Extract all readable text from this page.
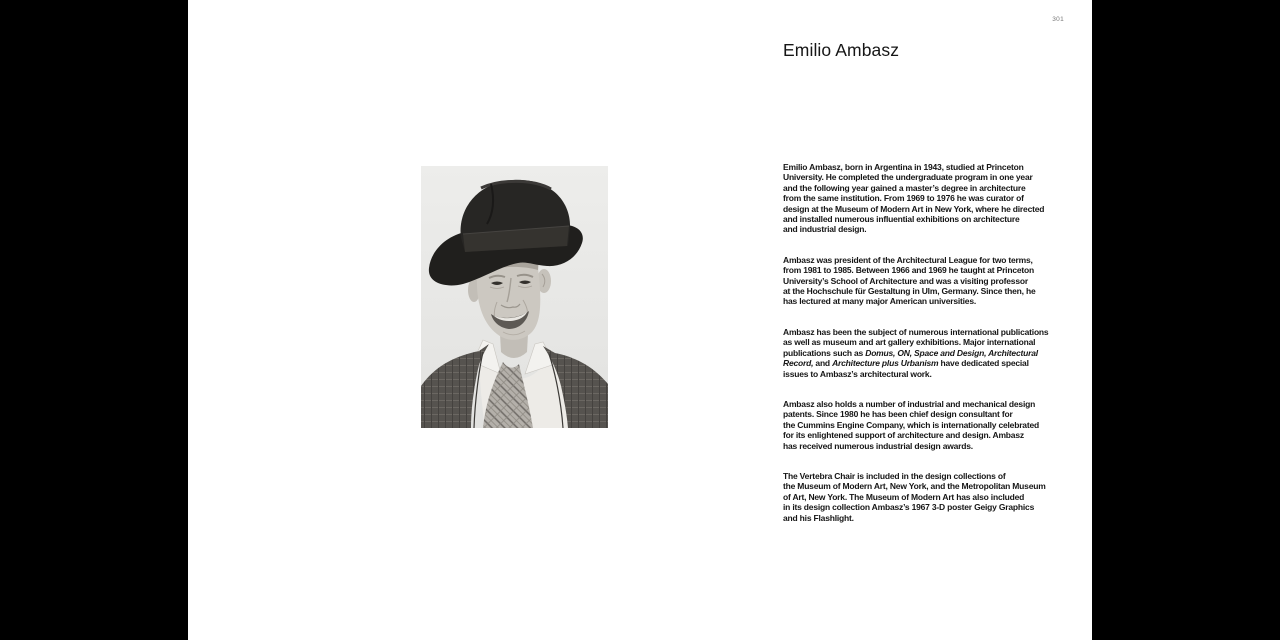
301
Emilio Ambasz

Emilio Ambasz, born in Argentina in 1943, studied at Princeton
University. He completed the undergraduate program in one year
and the following year gained a master’s degree in architecture
from the same institution. From 1969 to 1976 he was curator of
design at the Museum of Modern Art in New York, where he directed
and installed numerous influential exhibitions on architecture
and industrial design.

Ambasz was president of the Architectural League for two terms,
from 1981 to 1985. Between 1966 and 1969 he taught at Princeton
University’s School of Architecture and was a visiting professor
at the Hochschule für Gestaltung in Ulm, Germany. Since then, he
has lectured at many major American universities.

Ambasz has been the subject of numerous international publications
as well as museum and art gallery exhibitions. Major international
publications such as Domus, ON, Space and Design, Architectural
Record, and Architecture plus Urbanism have dedicated special
issues to Ambasz’s architectural work.

Ambasz also holds a number of industrial and mechanical design
patents. Since 1980 he has been chief design consultant for
the Cummins Engine Company, which is internationally celebrated
for its enlightened support of architecture and design. Ambasz
has received numerous industrial design awards.

The Vertebra Chair is included in the design collections of
the Museum of Modern Art, New York, and the Metropolitan Museum
of Art, New York. The Museum of Modern Art has also included
in its design collection Ambasz’s 1967 3-D poster Geigy Graphics
and his Flashlight.
